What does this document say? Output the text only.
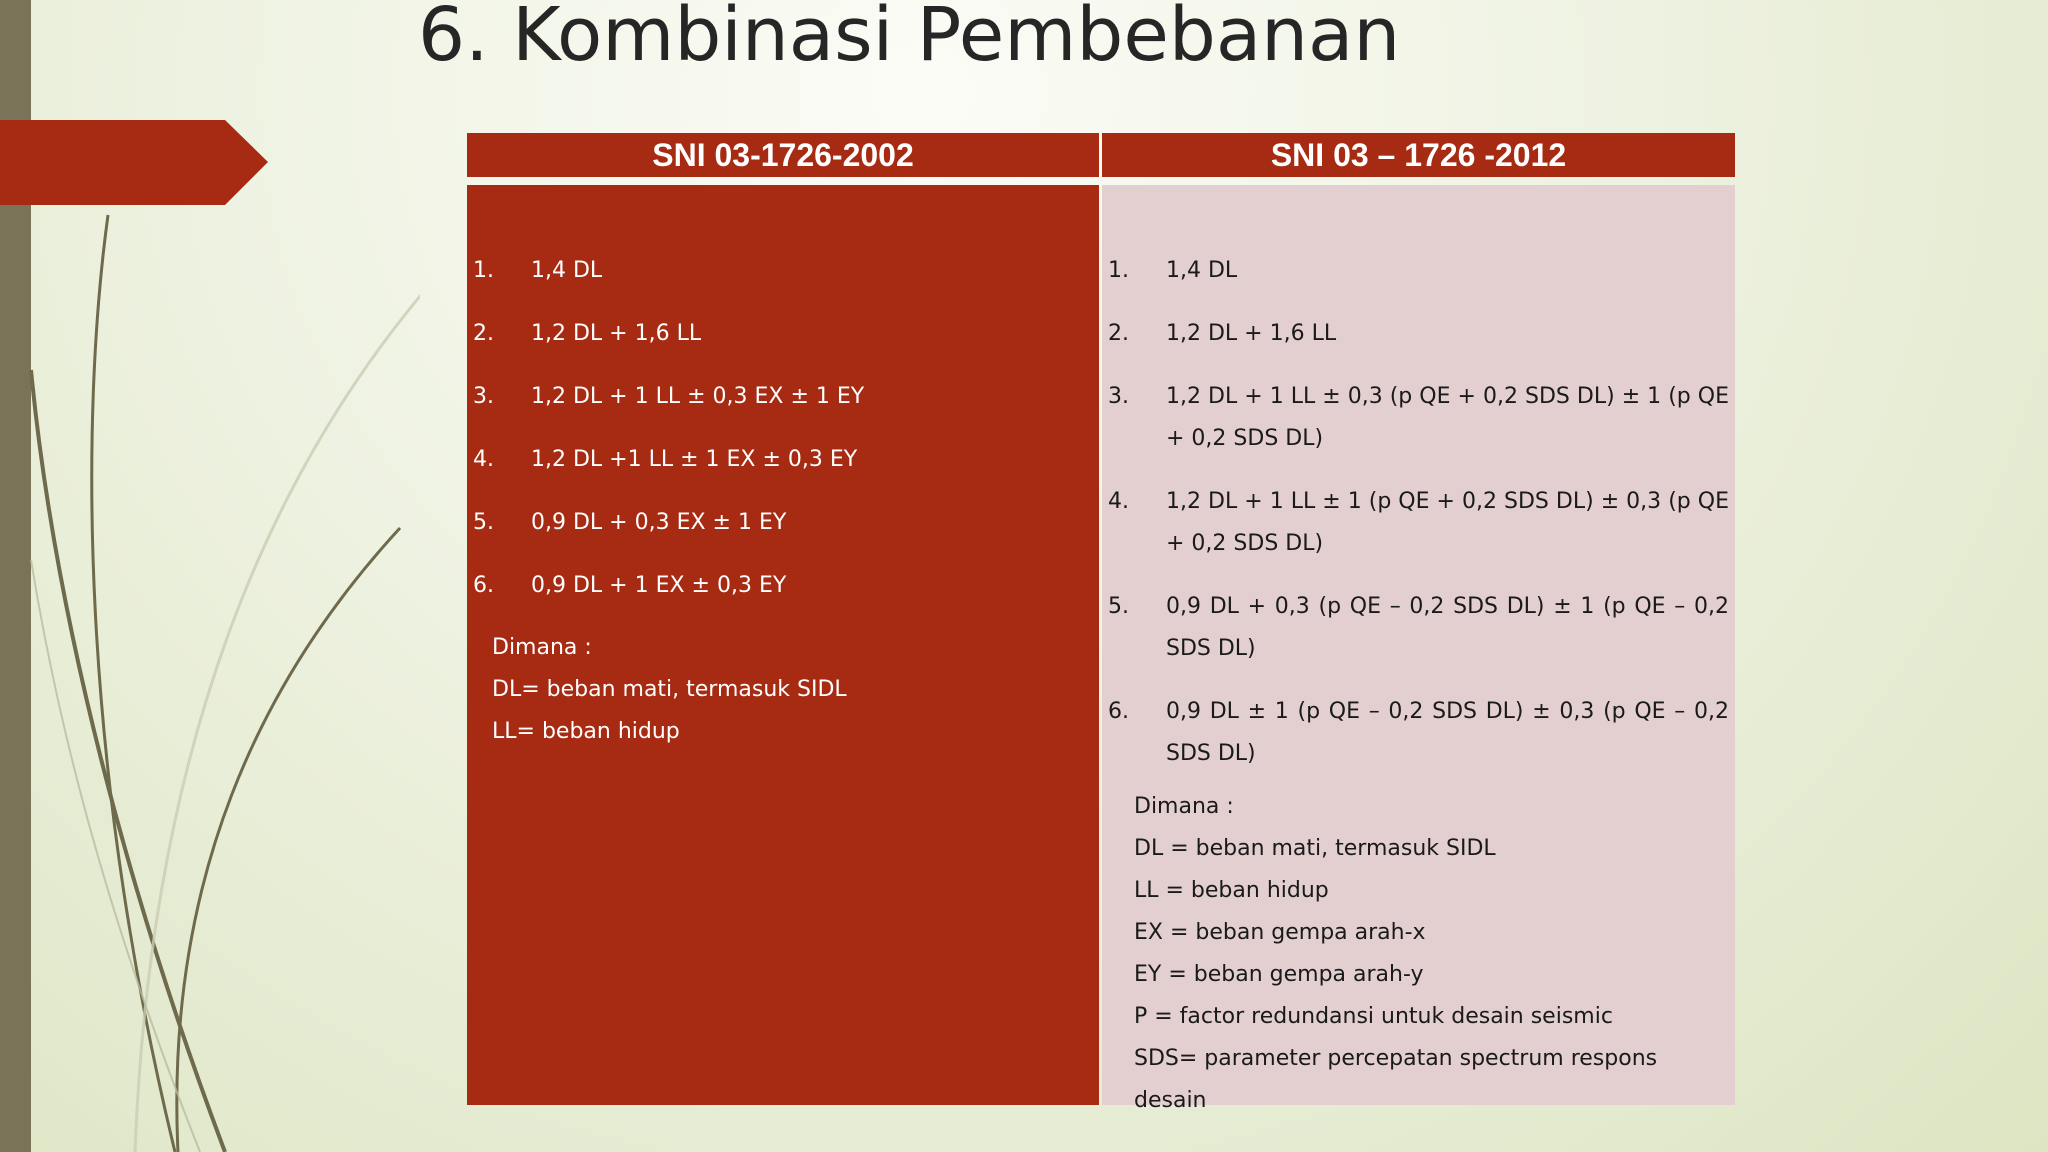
6. Kombinasi Pembebanan
SNI 03-1726-2002	SNI 03 – 1726 -2012
1. 1,4 DL
2. 1,2 DL + 1,6 LL
3. 1,2 DL + 1 LL ± 0,3 EX ± 1 EY
4. 1,2 DL +1 LL ± 1 EX ± 0,3 EY
5. 0,9 DL + 0,3 EX ± 1 EY
6. 0,9 DL + 1 EX ± 0,3 EY
Dimana :
DL= beban mati, termasuk SIDL
LL= beban hidup
1. 1,4 DL
2. 1,2 DL + 1,6 LL
3. 1,2 DL + 1 LL ± 0,3 (p QE + 0,2 SDS DL) ± 1 (p QE + 0,2 SDS DL)
4. 1,2 DL + 1 LL ± 1 (p QE + 0,2 SDS DL) ± 0,3 (p QE + 0,2 SDS DL)
5. 0,9 DL + 0,3 (p QE – 0,2 SDS DL) ± 1 (p QE – 0,2 SDS DL)
6. 0,9 DL ± 1 (p QE – 0,2 SDS DL) ± 0,3 (p QE – 0,2 SDS DL)
Dimana :
DL = beban mati, termasuk SIDL
LL = beban hidup
EX = beban gempa arah-x
EY = beban gempa arah-y
P = factor redundansi untuk desain seismic
SDS= parameter percepatan spectrum respons desain
